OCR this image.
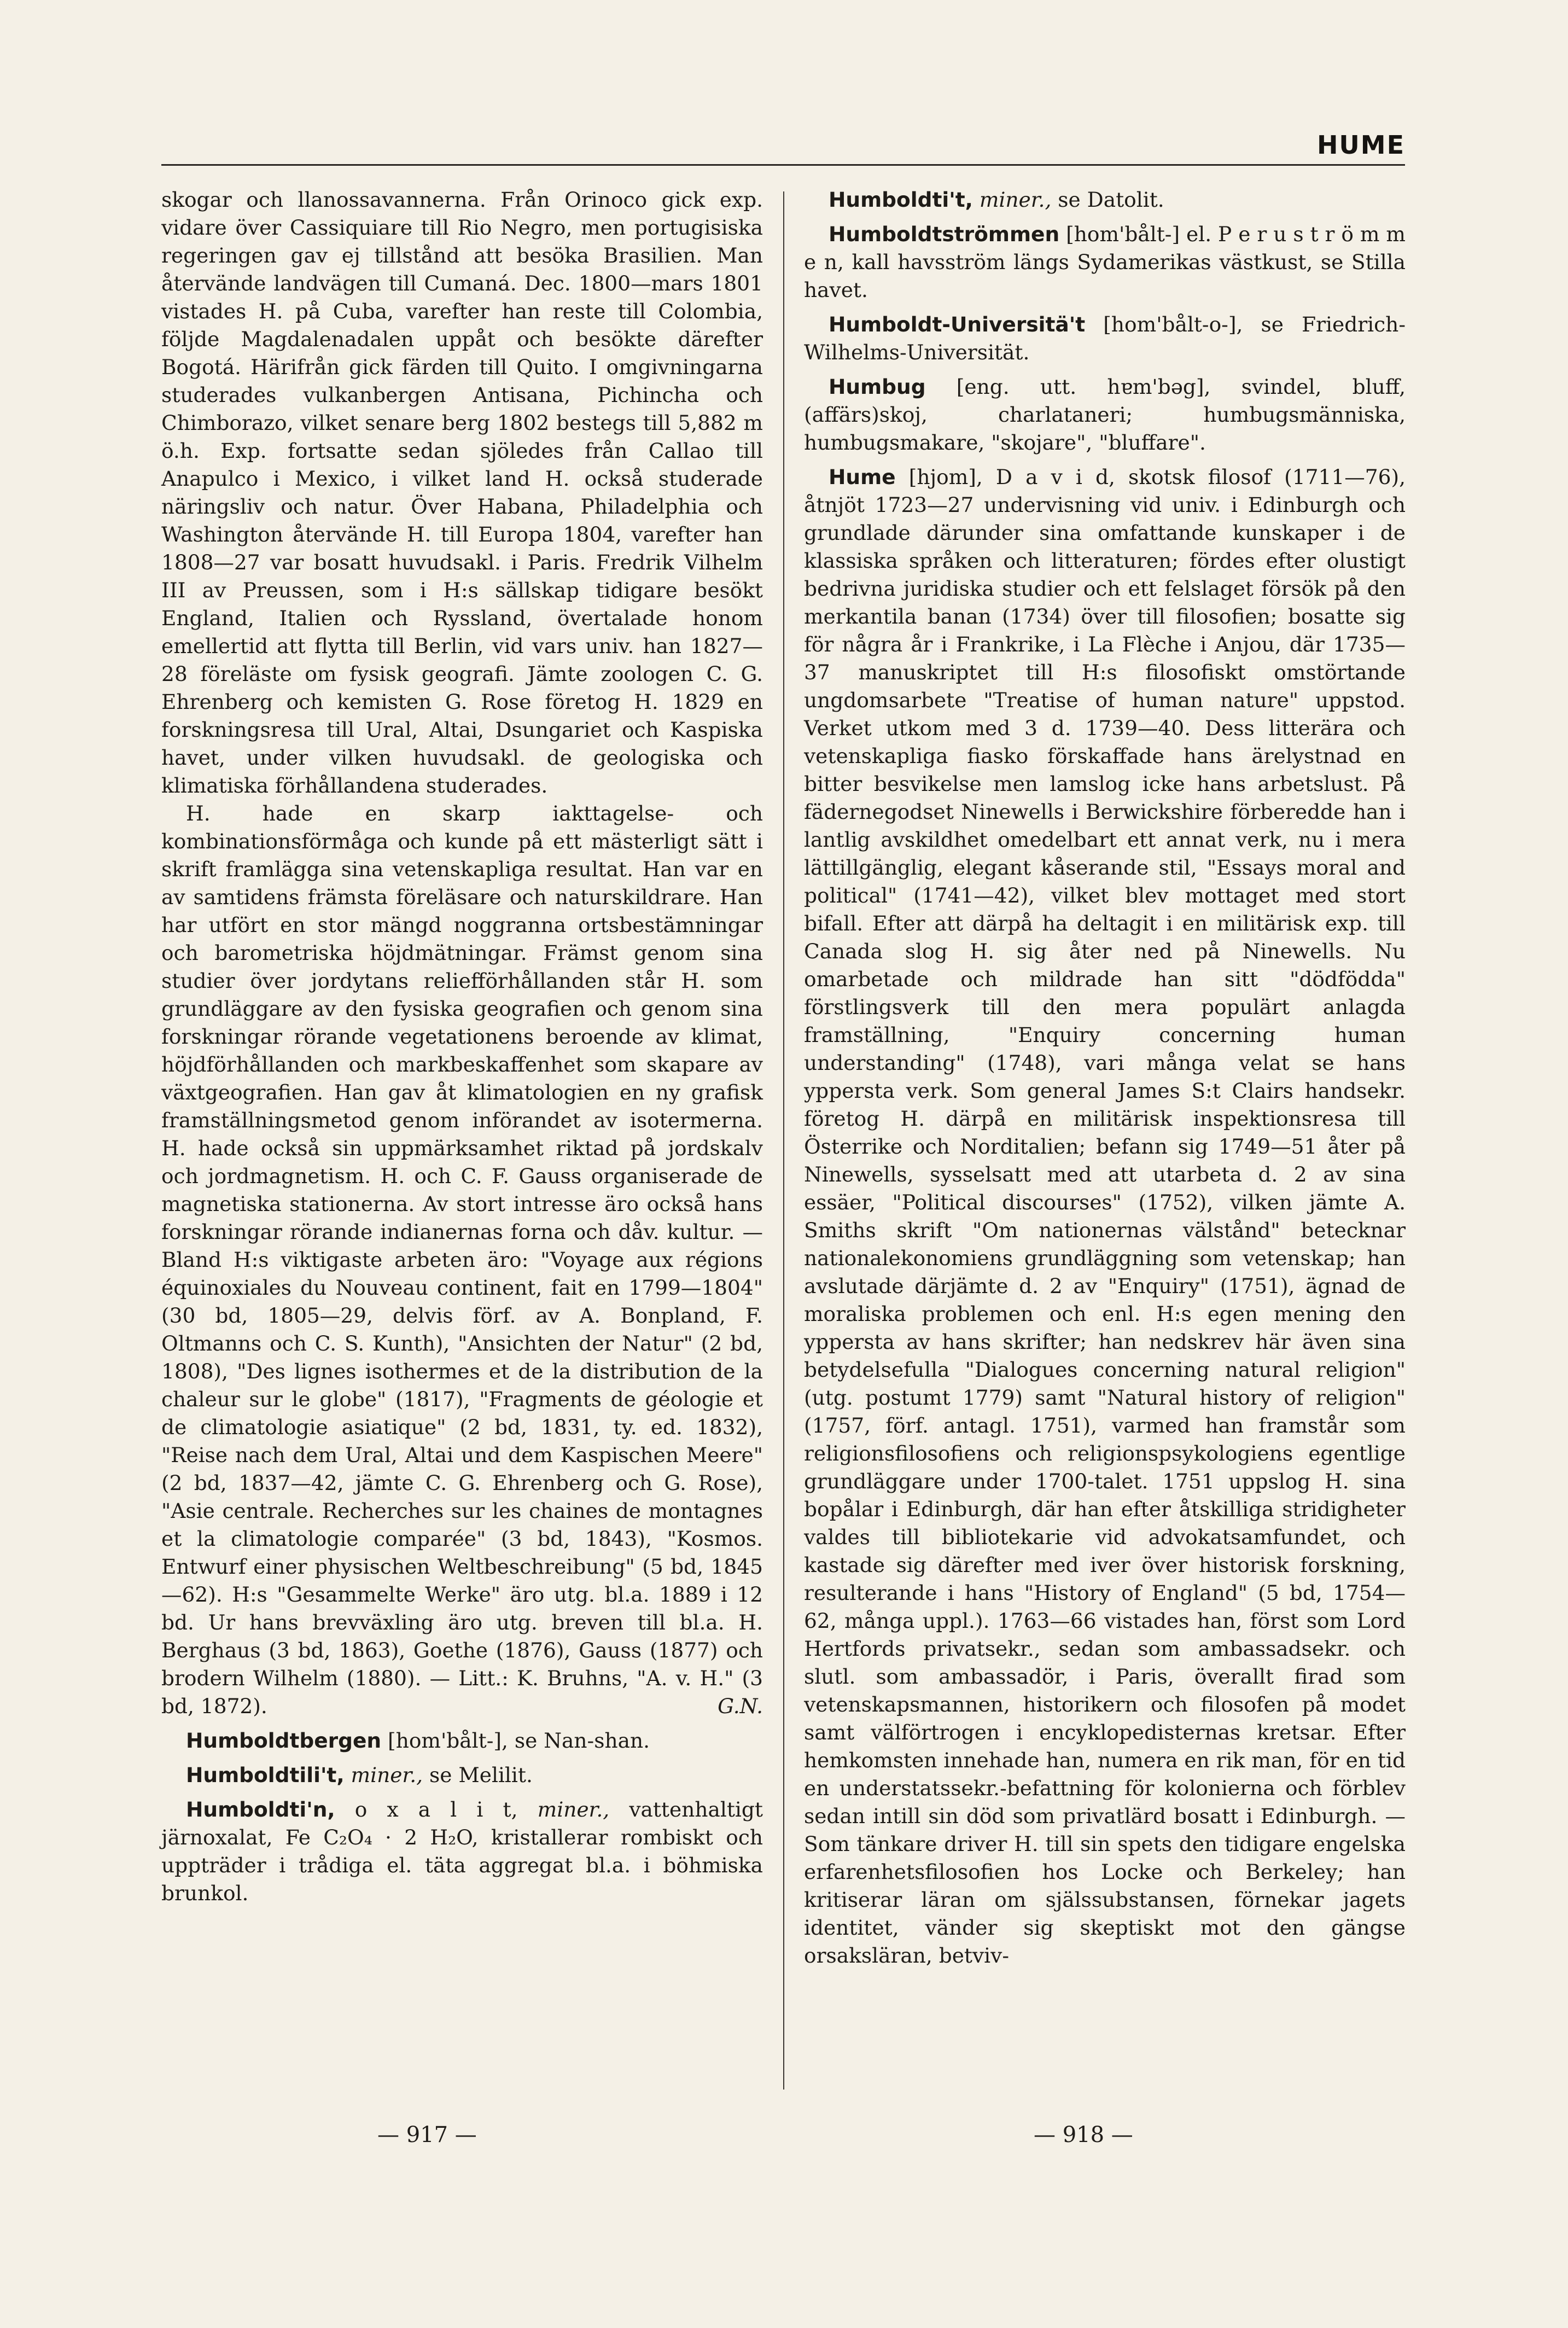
HUME

skogar och llanossavannerna. Från Orinoco gick exp. vidare över Cassiquiare till Rio Negro, men portugisiska regeringen gav ej tillstånd att besöka Brasilien. Man återvände landvägen till Cumaná. Dec. 1800—mars 1801 vistades H. på Cuba, varefter han reste till Colombia, följde Magdalenadalen uppåt och besökte därefter Bogotá. Härifrån gick färden till Quito. I omgivningarna studerades vulkanbergen Antisana, Pichincha och Chimborazo, vilket senare berg 1802 bestegs till 5,882 m ö.h. Exp. fortsatte sedan sjöledes från Callao till Anapulco i Mexico, i vilket land H. också studerade näringsliv och natur. Över Habana, Philadelphia och Washington återvände H. till Europa 1804, varefter han 1808—27 var bosatt huvudsakl. i Paris. Fredrik Vilhelm III av Preussen, som i H:s sällskap tidigare besökt England, Italien och Ryssland, övertalade honom emellertid att flytta till Berlin, vid vars univ. han 1827—28 föreläste om fysisk geografi. Jämte zoologen C. G. Ehrenberg och kemisten G. Rose företog H. 1829 en forskningsresa till Ural, Altai, Dsungariet och Kaspiska havet, under vilken huvudsakl. de geologiska och klimatiska förhållandena studerades.

H. hade en skarp iakttagelse- och kombinationsförmåga och kunde på ett mästerligt sätt i skrift framlägga sina vetenskapliga resultat. Han var en av samtidens främsta föreläsare och naturskildrare. Han har utfört en stor mängd noggranna ortsbestämningar och barometriska höjdmätningar. Främst genom sina studier över jordytans reliefförhållanden står H. som grundläggare av den fysiska geografien och genom sina forskningar rörande vegetationens beroende av klimat, höjdförhållanden och markbeskaffenhet som skapare av växtgeografien. Han gav åt klimatologien en ny grafisk framställningsmetod genom införandet av isotermerna. H. hade också sin uppmärksamhet riktad på jordskalv och jordmagnetism. H. och C. F. Gauss organiserade de magnetiska stationerna. Av stort intresse äro också hans forskningar rörande indianernas forna och dåv. kultur. — Bland H:s viktigaste arbeten äro: "Voyage aux régions équinoxiales du Nouveau continent, fait en 1799—1804" (30 bd, 1805—29, delvis förf. av A. Bonpland, F. Oltmanns och C. S. Kunth), "Ansichten der Natur" (2 bd, 1808), "Des lignes isothermes et de la distribution de la chaleur sur le globe" (1817), "Fragments de géologie et de climatologie asiatique" (2 bd, 1831, ty. ed. 1832), "Reise nach dem Ural, Altai und dem Kaspischen Meere" (2 bd, 1837—42, jämte C. G. Ehrenberg och G. Rose), "Asie centrale. Recherches sur les chaines de montagnes et la climatologie comparée" (3 bd, 1843), "Kosmos. Entwurf einer physischen Weltbeschreibung" (5 bd, 1845—62). H:s "Gesammelte Werke" äro utg. bl.a. 1889 i 12 bd. Ur hans brevväxling äro utg. breven till bl.a. H. Berghaus (3 bd, 1863), Goethe (1876), Gauss (1877) och brodern Wilhelm (1880). — Litt.: K. Bruhns, "A. v. H." (3 bd, 1872).	G.N.

Humboldtbergen [hom'bålt-], se Nan-shan.

Humboldtili't, miner., se Melilit.

Humboldti'n, o x a l i t, miner., vattenhaltigt järnoxalat, Fe C₂O₄ · 2 H₂O, kristallerar rombiskt och uppträder i trådiga el. täta aggregat bl.a. i böhmiska brunkol.

Humboldti't, miner., se Datolit.

Humboldtströmmen [hom'bålt-] el. P e r u s t r ö m m e n, kall havsström längs Sydamerikas västkust, se Stilla havet.

Humboldt-Universitä't [hom'bålt-o-], se Friedrich-Wilhelms-Universität.

Humbug [eng. utt. hɐm'bəg], svindel, bluff, (affärs)skoj, charlataneri; humbugsmänniska, humbugsmakare, "skojare", "bluffare".

Hume [hjom], D a v i d, skotsk filosof (1711—76), åtnjöt 1723—27 undervisning vid univ. i Edinburgh och grundlade därunder sina omfattande kunskaper i de klassiska språken och litteraturen; fördes efter olustigt bedrivna juridiska studier och ett felslaget försök på den merkantila banan (1734) över till filosofien; bosatte sig för några år i Frankrike, i La Flèche i Anjou, där 1735—37 manuskriptet till H:s filosofiskt omstörtande ungdomsarbete "Treatise of human nature" uppstod. Verket utkom med 3 d. 1739—40. Dess litterära och vetenskapliga fiasko förskaffade hans ärelystnad en bitter besvikelse men lamslog icke hans arbetslust. På fädernegodset Ninewells i Berwickshire förberedde han i lantlig avskildhet omedelbart ett annat verk, nu i mera lättillgänglig, elegant kåserande stil, "Essays moral and political" (1741—42), vilket blev mottaget med stort bifall. Efter att därpå ha deltagit i en militärisk exp. till Canada slog H. sig åter ned på Ninewells. Nu omarbetade och mildrade han sitt "dödfödda" förstlingsverk till den mera populärt anlagda framställning, "Enquiry concerning human understanding" (1748), vari många velat se hans yppersta verk. Som general James S:t Clairs handsekr. företog H. därpå en militärisk inspektionsresa till Österrike och Norditalien; befann sig 1749—51 åter på Ninewells, sysselsatt med att utarbeta d. 2 av sina essäer, "Political discourses" (1752), vilken jämte A. Smiths skrift "Om nationernas välstånd" betecknar nationalekonomiens grundläggning som vetenskap; han avslutade därjämte d. 2 av "Enquiry" (1751), ägnad de moraliska problemen och enl. H:s egen mening den yppersta av hans skrifter; han nedskrev här även sina betydelsefulla "Dialogues concerning natural religion" (utg. postumt 1779) samt "Natural history of religion" (1757, förf. antagl. 1751), varmed han framstår som religionsfilosofiens och religionspsykologiens egentlige grundläggare under 1700-talet. 1751 uppslog H. sina bopålar i Edinburgh, där han efter åtskilliga stridigheter valdes till bibliotekarie vid advokatsamfundet, och kastade sig därefter med iver över historisk forskning, resulterande i hans "History of England" (5 bd, 1754—62, många uppl.). 1763—66 vistades han, först som Lord Hertfords privatsekr., sedan som ambassadsekr. och slutl. som ambassadör, i Paris, överallt firad som vetenskapsmannen, historikern och filosofen på modet samt välförtrogen i encyklopedisternas kretsar. Efter hemkomsten innehade han, numera en rik man, för en tid en understatssekr.-befattning för kolonierna och förblev sedan intill sin död som privatlärd bosatt i Edinburgh. — Som tänkare driver H. till sin spets den tidigare engelska erfarenhetsfilosofien hos Locke och Berkeley; han kritiserar läran om själssubstansen, förnekar jagets identitet, vänder sig skeptiskt mot den gängse orsaksläran, betviv-

— 917 —	— 918 —
